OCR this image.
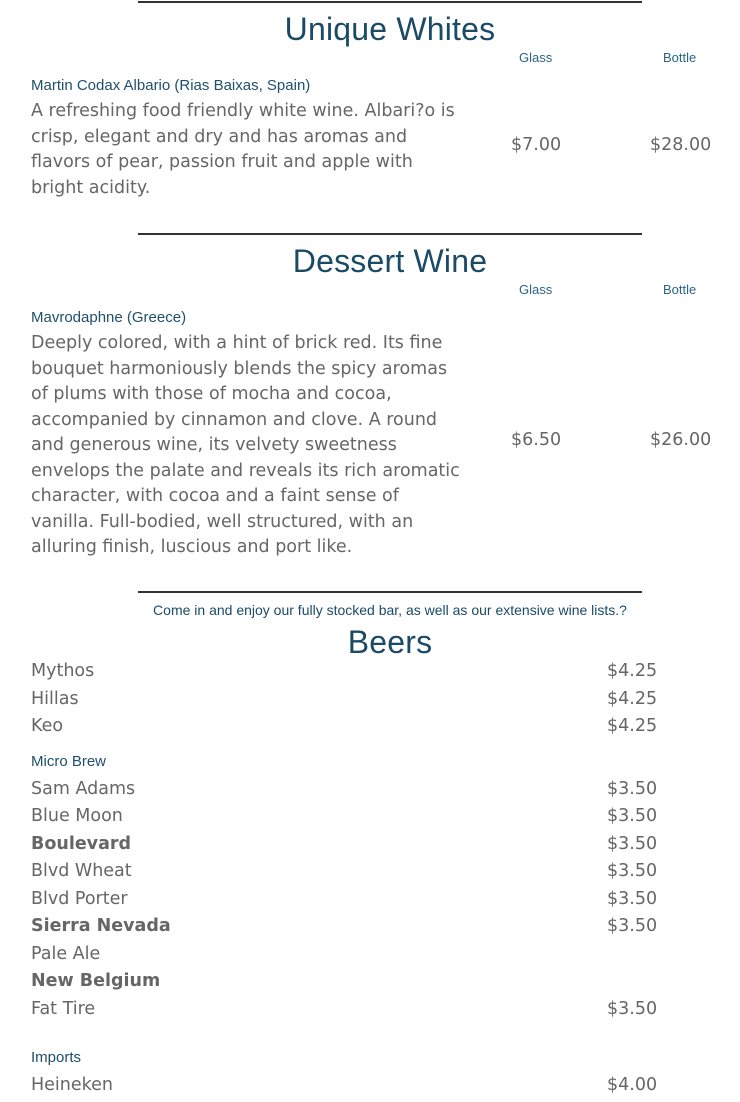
Unique Whites
Glass	Bottle
Martin Codax Albario (Rias Baixas, Spain)
A refreshing food friendly white wine. Albari?o is crisp, elegant and dry and has aromas and flavors of pear, passion fruit and apple with bright acidity.
$7.00	$28.00
Dessert Wine
Glass	Bottle
Mavrodaphne (Greece)
Deeply colored, with a hint of brick red. Its fine bouquet harmoniously blends the spicy aromas of plums with those of mocha and cocoa, accompanied by cinnamon and clove. A round and generous wine, its velvety sweetness envelops the palate and reveals its rich aromatic character, with cocoa and a faint sense of vanilla. Full-bodied, well structured, with an alluring finish, luscious and port like.
$6.50	$26.00
Come in and enjoy our fully stocked bar, as well as our extensive wine lists.?
Beers
Mythos	$4.25
Hillas	$4.25
Keo	$4.25
Micro Brew
Sam Adams	$3.50
Blue Moon	$3.50
Boulevard	$3.50
Blvd Wheat	$3.50
Blvd Porter	$3.50
Sierra Nevada	$3.50
Pale Ale
New Belgium
Fat Tire	$3.50
Imports
Heineken	$4.00
